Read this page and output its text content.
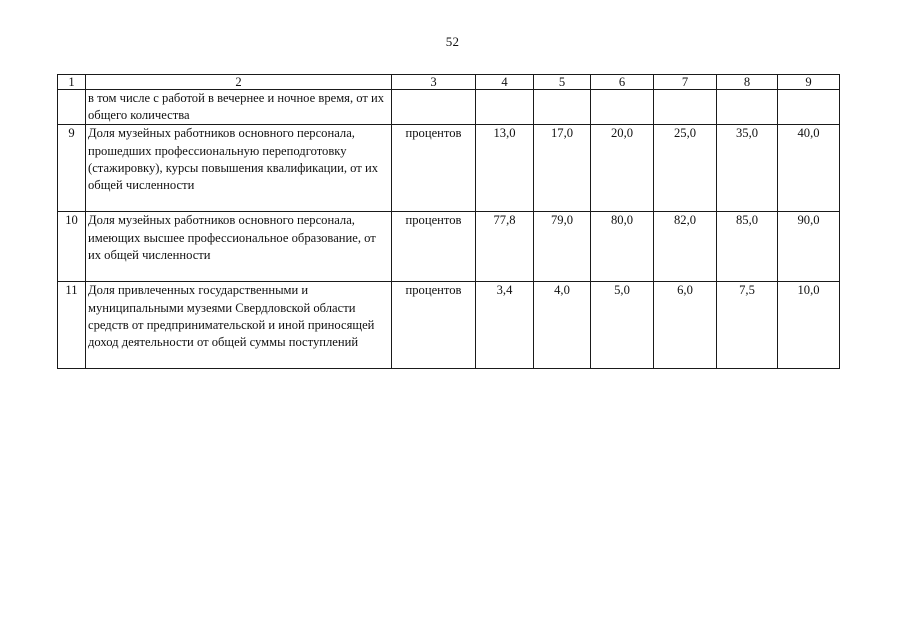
52
1	2	3	4	5	6	7	8	9
	в том числе с работой в вечернее и ночное время, от их общего количества							
9	Доля музейных работников основного персонала, прошедших профессиональную переподготовку (стажировку), курсы повышения квалификации, от их общей численности	процентов	13,0	17,0	20,0	25,0	35,0	40,0
10	Доля музейных работников основного персонала, имеющих высшее профессиональное образование, от их общей численности	процентов	77,8	79,0	80,0	82,0	85,0	90,0
11	Доля привлеченных государственными и муниципальными музеями Свердловской области средств от предпринимательской и иной приносящей доход деятельности от общей суммы поступлений	процентов	3,4	4,0	5,0	6,0	7,5	10,0
